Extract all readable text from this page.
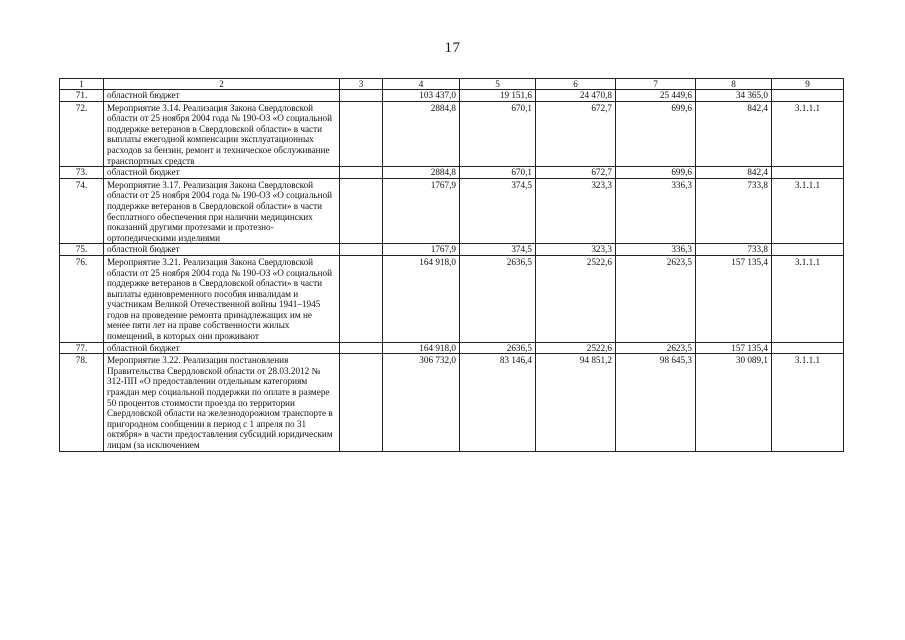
17
1	2	3	4	5	6	7	8	9
71.	областной бюджет		103 437,0	19 151,6	24 470,8	25 449,6	34 365,0	
72.	Мероприятие 3.14. Реализация Закона Свердловской области от 25 ноября 2004 года № 190-ОЗ «О социальной поддержке ветеранов в Свердловской области» в части выплаты ежегодной компенсации эксплуатационных расходов за бензин, ремонт и техническое обслуживание транспортных средств		2884,8	670,1	672,7	699,6	842,4	3.1.1.1
73.	областной бюджет		2884,8	670,1	672,7	699,6	842,4	
74.	Мероприятие 3.17. Реализация Закона Свердловской области от 25 ноября 2004 года № 190-ОЗ «О социальной поддержке ветеранов в Свердловской области» в части бесплатного обеспечения при наличии медицинских показаний другими протезами и протезно-ортопедическими изделиями		1767,9	374,5	323,3	336,3	733,8	3.1.1.1
75.	областной бюджет		1767,9	374,5	323,3	336,3	733,8	
76.	Мероприятие 3.21. Реализация Закона Свердловской области от 25 ноября 2004 года № 190-ОЗ «О социальной поддержке ветеранов в Свердловской области» в части выплаты единовременного пособия инвалидам и участникам Великой Отечественной войны 1941–1945 годов на проведение ремонта принадлежащих им не менее пяти лет на праве собственности жилых помещений, в которых они проживают		164 918,0	2636,5	2522,6	2623,5	157 135,4	3.1.1.1
77.	областной бюджет		164 918,0	2636,5	2522,6	2623,5	157 135,4	
78.	Мероприятие 3.22. Реализация постановления Правительства Свердловской области от 28.03.2012 № 312-ПП «О предоставлении отдельным категориям граждан мер социальной поддержки по оплате в размере 50 процентов стоимости проезда по территории Свердловской области на железнодорожном транспорте в пригородном сообщении в период с 1 апреля по 31 октября» в части предоставления субсидий юридическим лицам (за исключением		306 732,0	83 146,4	94 851,2	98 645,3	30 089,1	3.1.1.1
